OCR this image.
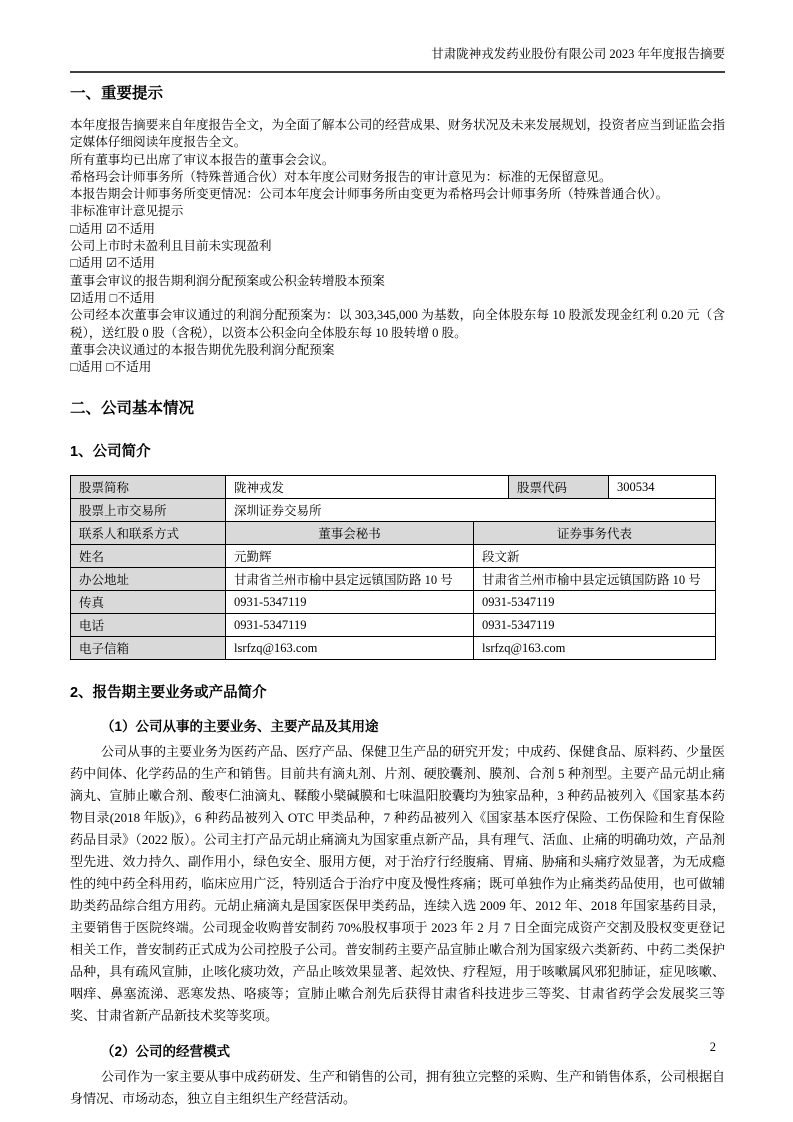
甘肃陇神戎发药业股份有限公司 2023 年年度报告摘要
一、重要提示

本年度报告摘要来自年度报告全文，为全面了解本公司的经营成果、财务状况及未来发展规划，投资者应当到证监会指定媒体仔细阅读年度报告全文。

所有董事均已出席了审议本报告的董事会会议。

希格玛会计师事务所（特殊普通合伙）对本年度公司财务报告的审计意见为：标准的无保留意见。

本报告期会计师事务所变更情况：公司本年度会计师事务所由变更为希格玛会计师事务所（特殊普通合伙）。

非标准审计意见提示

□适用 ☑不适用

公司上市时未盈利且目前未实现盈利

□适用 ☑不适用

董事会审议的报告期利润分配预案或公积金转增股本预案

☑适用 □不适用

公司经本次董事会审议通过的利润分配预案为：以 303,345,000 为基数，向全体股东每 10 股派发现金红利 0.20 元（含税），送红股 0 股（含税），以资本公积金向全体股东每 10 股转增 0 股。

董事会决议通过的本报告期优先股利润分配预案

□适用 □不适用

二、公司基本情况
1、公司简介
股票简称	陇神戎发	股票代码	300534
股票上市交易所	深圳证券交易所
联系人和联系方式	董事会秘书	证券事务代表
姓名	元勤辉	段文新
办公地址	甘肃省兰州市榆中县定远镇国防路 10 号	甘肃省兰州市榆中县定远镇国防路 10 号
传真	0931-5347119	0931-5347119
电话	0931-5347119	0931-5347119
电子信箱	lsrfzq@163.com	lsrfzq@163.com
2、报告期主要业务或产品简介
（1）公司从事的主要业务、主要产品及其用途

公司从事的主要业务为医药产品、医疗产品、保健卫生产品的研究开发；中成药、保健食品、原料药、少量医药中间体、化学药品的生产和销售。目前共有滴丸剂、片剂、硬胶囊剂、膜剂、合剂 5 种剂型。主要产品元胡止痛滴丸、宣肺止嗽合剂、酸枣仁油滴丸、鞣酸小檗碱膜和七味温阳胶囊均为独家品种，3 种药品被列入《国家基本药物目录(2018 年版)》，6 种药品被列入 OTC 甲类品种，7 种药品被列入《国家基本医疗保险、工伤保险和生育保险药品目录》（2022 版）。公司主打产品元胡止痛滴丸为国家重点新产品，具有理气、活血、止痛的明确功效，产品剂型先进、效力持久、副作用小，绿色安全、服用方便，对于治疗行经腹痛、胃痛、胁痛和头痛疗效显著，为无成瘾性的纯中药全科用药，临床应用广泛，特别适合于治疗中度及慢性疼痛；既可单独作为止痛类药品使用，也可做辅助类药品综合组方用药。元胡止痛滴丸是国家医保甲类药品，连续入选 2009 年、2012 年、2018 年国家基药目录，主要销售于医院终端。公司现金收购普安制药 70%股权事项于 2023 年 2 月 7 日全面完成资产交割及股权变更登记相关工作，普安制药正式成为公司控股子公司。普安制药主要产品宣肺止嗽合剂为国家级六类新药、中药二类保护品种，具有疏风宣肺，止咳化痰功效，产品止咳效果显著、起效快、疗程短，用于咳嗽属风邪犯肺证，症见咳嗽、咽痒、鼻塞流涕、恶寒发热、咯痰等；宣肺止嗽合剂先后获得甘肃省科技进步三等奖、甘肃省药学会发展奖三等奖、甘肃省新产品新技术奖等奖项。

（2）公司的经营模式

公司作为一家主要从事中成药研发、生产和销售的公司，拥有独立完整的采购、生产和销售体系，公司根据自身情况、市场动态，独立自主组织生产经营活动。

2
